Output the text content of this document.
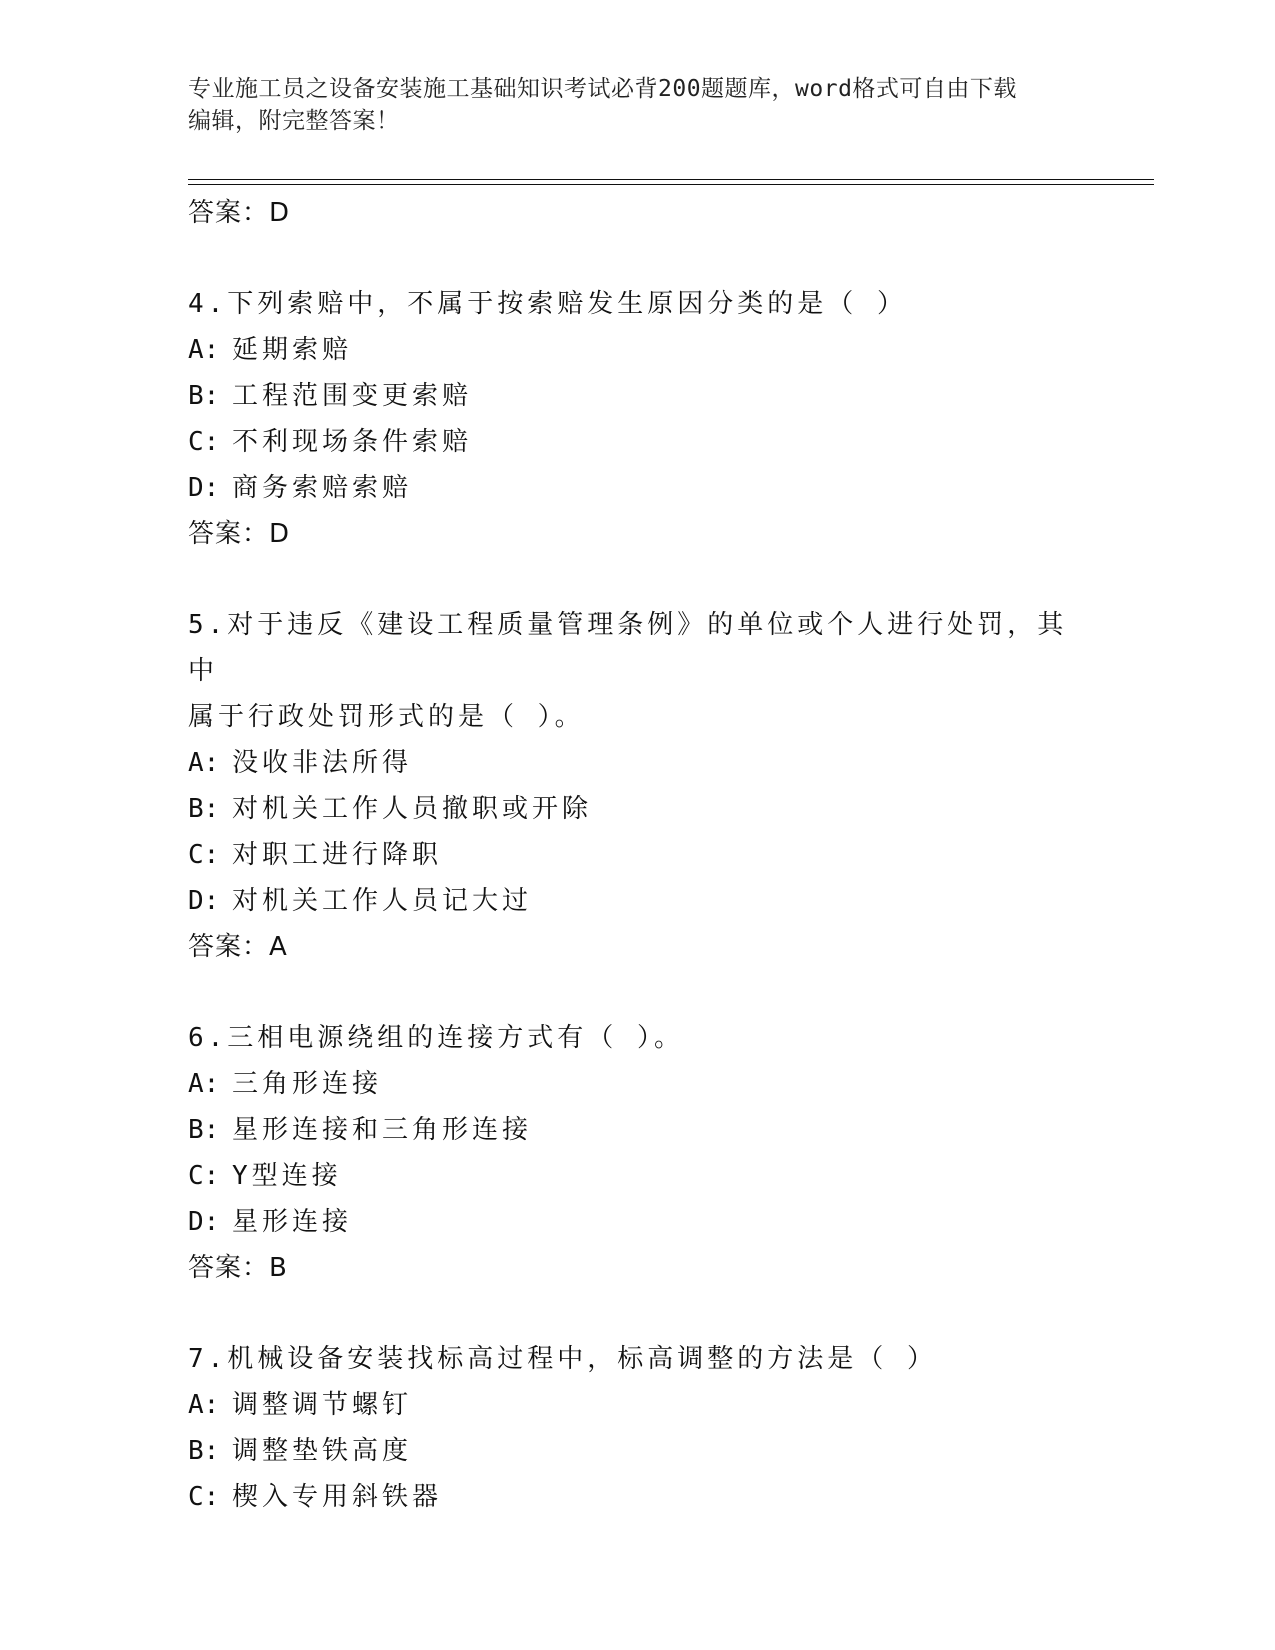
专业施工员之设备安装施工基础知识考试必背200题题库，word格式可自由下载
编辑，附完整答案！
答案：D
4.下列索赔中，不属于按索赔发生原因分类的是（ ）
A: 延期索赔
B: 工程范围变更索赔
C: 不利现场条件索赔
D: 商务索赔索赔
答案：D
5.对于违反《建设工程质量管理条例》的单位或个人进行处罚，其中
属于行政处罚形式的是（ ）。
A: 没收非法所得
B: 对机关工作人员撤职或开除
C: 对职工进行降职
D: 对机关工作人员记大过
答案：A
6.三相电源绕组的连接方式有（ ）。
A: 三角形连接
B: 星形连接和三角形连接
C: Y型连接
D: 星形连接
答案：B
7.机械设备安装找标高过程中，标高调整的方法是（ ）
A: 调整调节螺钉
B: 调整垫铁高度
C: 楔入专用斜铁器
